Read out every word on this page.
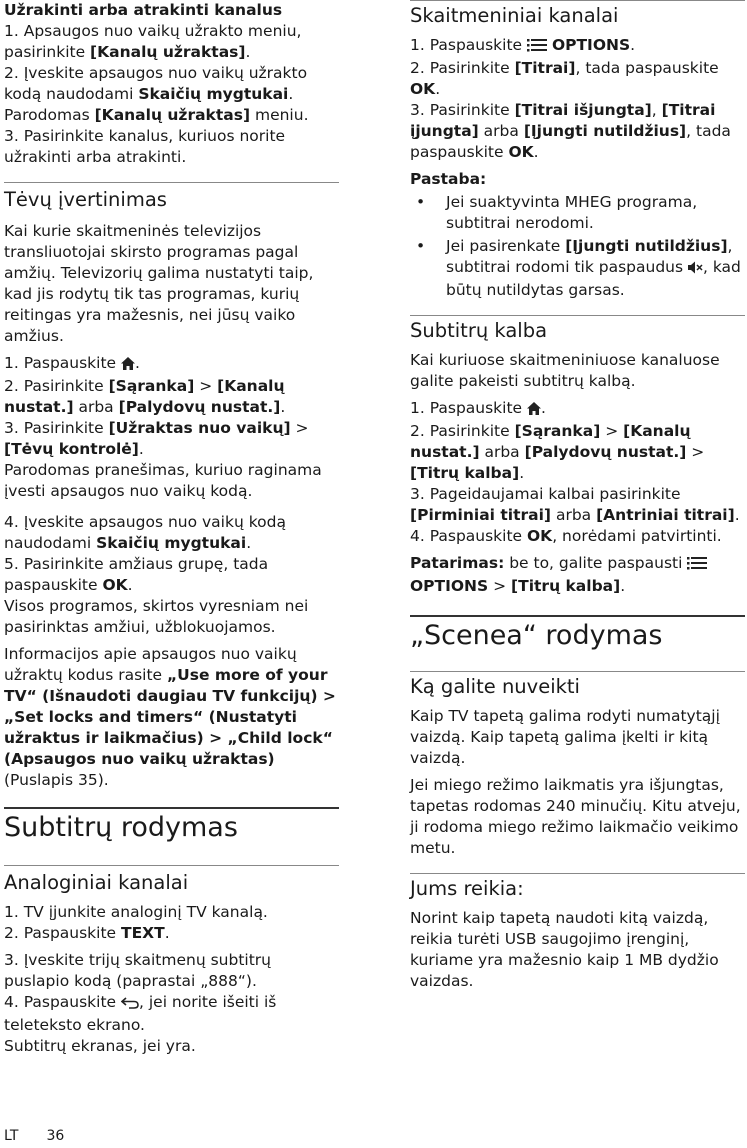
Užrakinti arba atrakinti kanalus

1. Apsaugos nuo vaikų užrakto meniu, pasirinkite [Kanalų užraktas].

2. Įveskite apsaugos nuo vaikų užrakto kodą naudodami Skaičių mygtukai. Parodomas [Kanalų užraktas] meniu.

3. Pasirinkite kanalus, kuriuos norite užrakinti arba atrakinti.

Tėvų įvertinimas

Kai kurie skaitmeninės televizijos transliuotojai skirsto programas pagal amžių. Televizorių galima nustatyti taip, kad jis rodytų tik tas programas, kurių reitingas yra mažesnis, nei jūsų vaiko amžius.

1. Paspauskite .

2. Pasirinkite [Sąranka] > [Kanalų nustat.] arba [Palydovų nustat.].

3. Pasirinkite [Užraktas nuo vaikų] > [Tėvų kontrolė].

Parodomas pranešimas, kuriuo raginama įvesti apsaugos nuo vaikų kodą.

4. Įveskite apsaugos nuo vaikų kodą naudodami Skaičių mygtukai.

5. Pasirinkite amžiaus grupę, tada paspauskite OK.

Visos programos, skirtos vyresniam nei pasirinktas amžiui, užblokuojamos.

Informacijos apie apsaugos nuo vaikų užraktų kodus rasite „Use more of your TV“ (Išnaudoti daugiau TV funkcijų) > „Set locks and timers“ (Nustatyti užraktus ir laikmačius) > „Child lock“ (Apsaugos nuo vaikų užraktas) (Puslapis 35).

Subtitrų rodymas
Analoginiai kanalai

1. TV įjunkite analoginį TV kanalą.

2. Paspauskite TEXT.

3. Įveskite trijų skaitmenų subtitrų puslapio kodą (paprastai „888“).

4. Paspauskite , jei norite išeiti iš teleteksto ekrano.

Subtitrų ekranas, jei yra.

Skaitmeniniai kanalai

1. Paspauskite  OPTIONS.

2. Pasirinkite [Titrai], tada paspauskite OK.

3. Pasirinkite [Titrai išjungta], [Titrai įjungta] arba [Įjungti nutildžius], tada paspauskite OK.

Pastaba:

• Jei suaktyvinta MHEG programa, subtitrai nerodomi.
• Jei pasirenkate [Įjungti nutildžius], subtitrai rodomi tik paspaudus , kad būtų nutildytas garsas.
Subtitrų kalba

Kai kuriuose skaitmeniniuose kanaluose galite pakeisti subtitrų kalbą.

1. Paspauskite .

2. Pasirinkite [Sąranka] > [Kanalų nustat.] arba [Palydovų nustat.] > [Titrų kalba].

3. Pageidaujamai kalbai pasirinkite [Pirminiai titrai] arba [Antriniai titrai].

4. Paspauskite OK, norėdami patvirtinti.

Patarimas: be to, galite paspausti  OPTIONS > [Titrų kalba].

„Scenea“ rodymas
Ką galite nuveikti

Kaip TV tapetą galima rodyti numatytąjį vaizdą. Kaip tapetą galima įkelti ir kitą vaizdą.

Jei miego režimo laikmatis yra išjungtas, tapetas rodomas 240 minučių. Kitu atveju, ji rodoma miego režimo laikmačio veikimo metu.

Jums reikia:

Norint kaip tapetą naudoti kitą vaizdą, reikia turėti USB saugojimo įrenginį, kuriame yra mažesnio kaip 1 MB dydžio vaizdas.

LT 36
